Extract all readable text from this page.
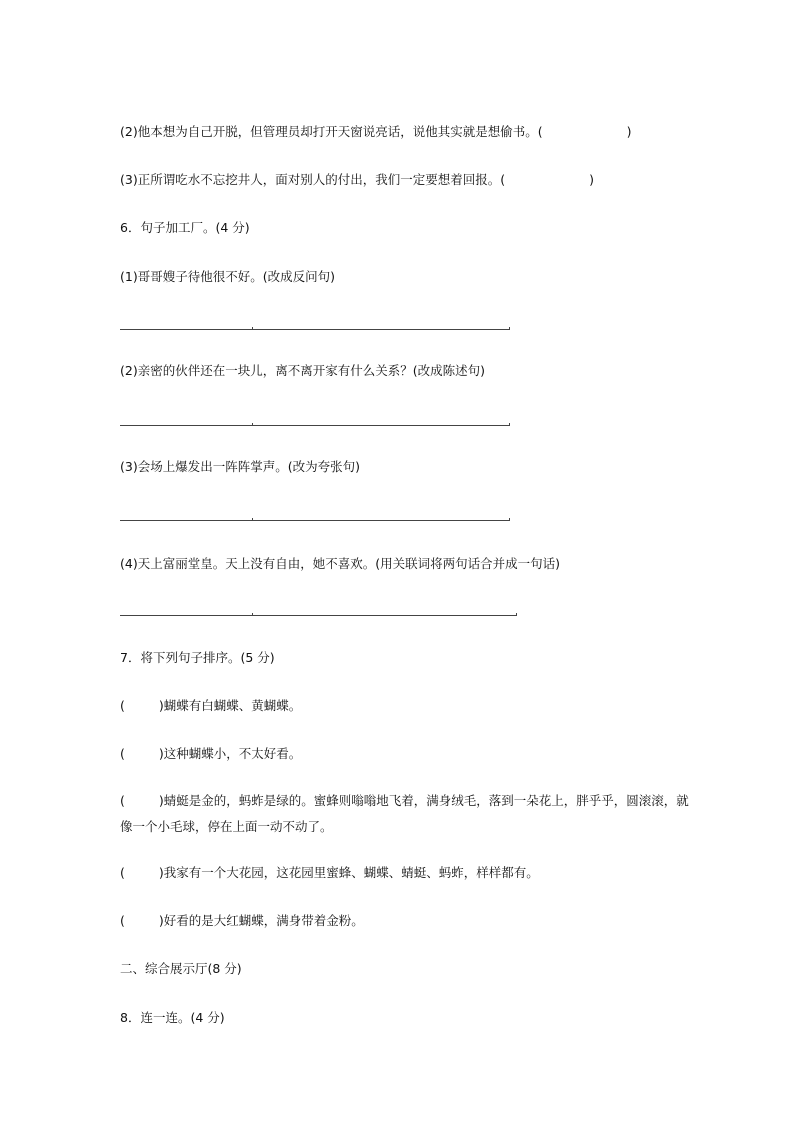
(2)他本想为自己开脱，但管理员却打开天窗说亮话，说他其实就是想偷书。(	)
(3)正所谓吃水不忘挖井人，面对别人的付出，我们一定要想着回报。(	)
6．句子加工厂。(4 分)
(1)哥哥嫂子待他很不好。(改成反问句)
(2)亲密的伙伴还在一块儿，离不离开家有什么关系？(改成陈述句)
(3)会场上爆发出一阵阵掌声。(改为夸张句)
(4)天上富丽堂皇。天上没有自由，她不喜欢。(用关联词将两句话合并成一句话)
7．将下列句子排序。(5 分)
(	)蝴蝶有白蝴蝶、黄蝴蝶。
(	)这种蝴蝶小，不太好看。
(	)蜻蜓是金的，蚂蚱是绿的。蜜蜂则嗡嗡地飞着，满身绒毛，落到一朵花上，胖乎乎，圆滚滚，就像一个小毛球，停在上面一动不动了。
(	)我家有一个大花园，这花园里蜜蜂、蝴蝶、蜻蜓、蚂蚱，样样都有。
(	)好看的是大红蝴蝶，满身带着金粉。
二、综合展示厅(8 分)
8．连一连。(4 分)
